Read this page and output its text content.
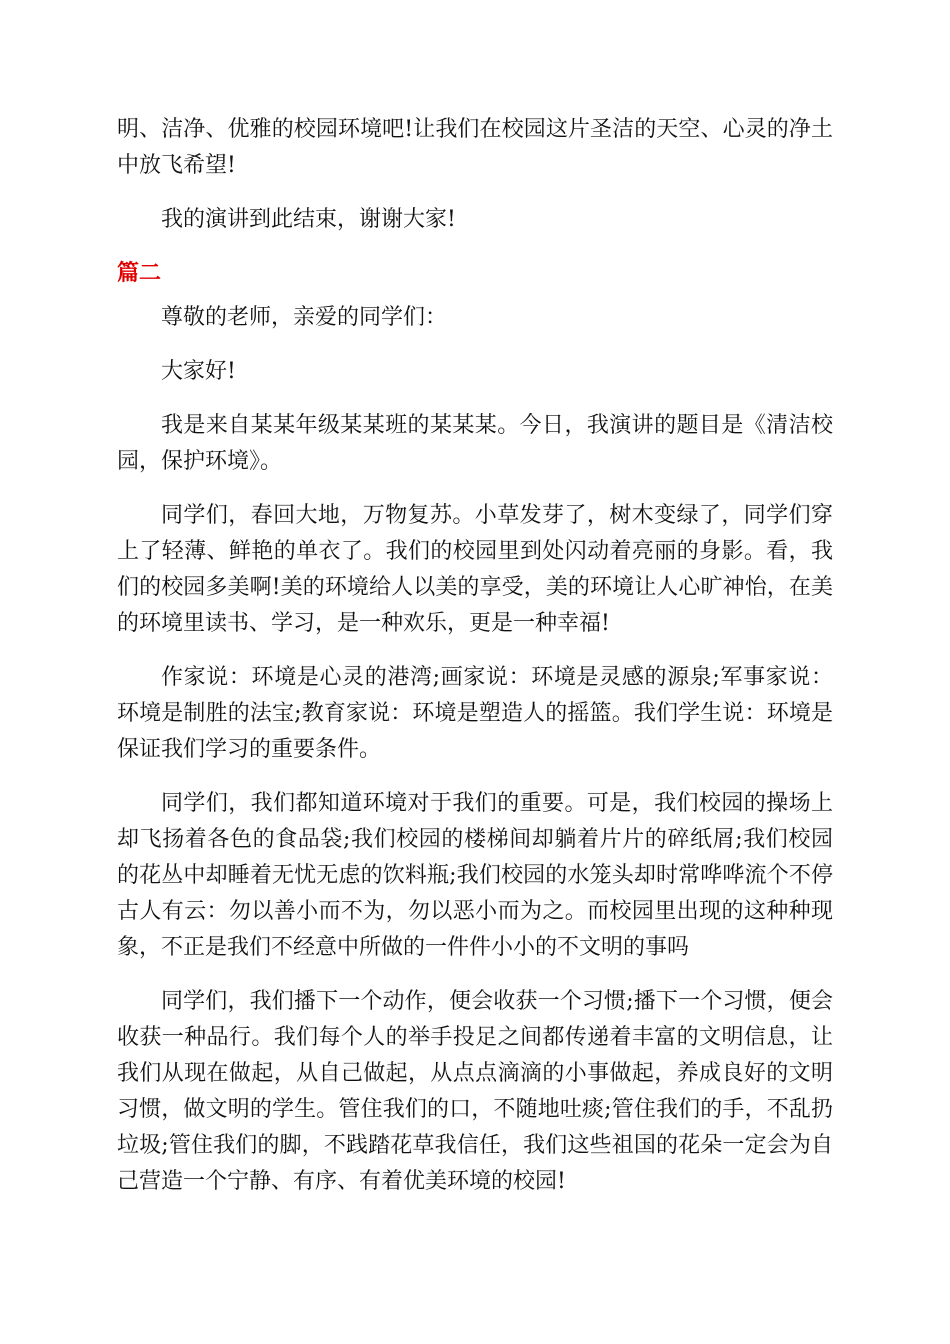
明、洁净、优雅的校园环境吧!让我们在校园这片圣洁的天空、心灵的净土中放飞希望!

我的演讲到此结束，谢谢大家!

篇二

尊敬的老师，亲爱的同学们：

大家好!

我是来自某某年级某某班的某某某。今日，我演讲的题目是《清洁校园，保护环境》。

同学们，春回大地，万物复苏。小草发芽了，树木变绿了，同学们穿上了轻薄、鲜艳的单衣了。我们的校园里到处闪动着亮丽的身影。看，我们的校园多美啊!美的环境给人以美的享受，美的环境让人心旷神怡，在美的环境里读书、学习，是一种欢乐，更是一种幸福!

作家说：环境是心灵的港湾;画家说：环境是灵感的源泉;军事家说：环境是制胜的法宝;教育家说：环境是塑造人的摇篮。我们学生说：环境是保证我们学习的重要条件。

同学们，我们都知道环境对于我们的重要。可是，我们校园的操场上却飞扬着各色的食品袋;我们校园的楼梯间却躺着片片的碎纸屑;我们校园的花丛中却睡着无忧无虑的饮料瓶;我们校园的水笼头却时常哗哗流个不停古人有云：勿以善小而不为，勿以恶小而为之。而校园里出现的这种种现象，不正是我们不经意中所做的一件件小小的不文明的事吗

同学们，我们播下一个动作，便会收获一个习惯;播下一个习惯，便会收获一种品行。我们每个人的举手投足之间都传递着丰富的文明信息，让我们从现在做起，从自己做起，从点点滴滴的小事做起，养成良好的文明习惯，做文明的学生。管住我们的口，不随地吐痰;管住我们的手，不乱扔垃圾;管住我们的脚，不践踏花草我信任，我们这些祖国的花朵一定会为自己营造一个宁静、有序、有着优美环境的校园!
